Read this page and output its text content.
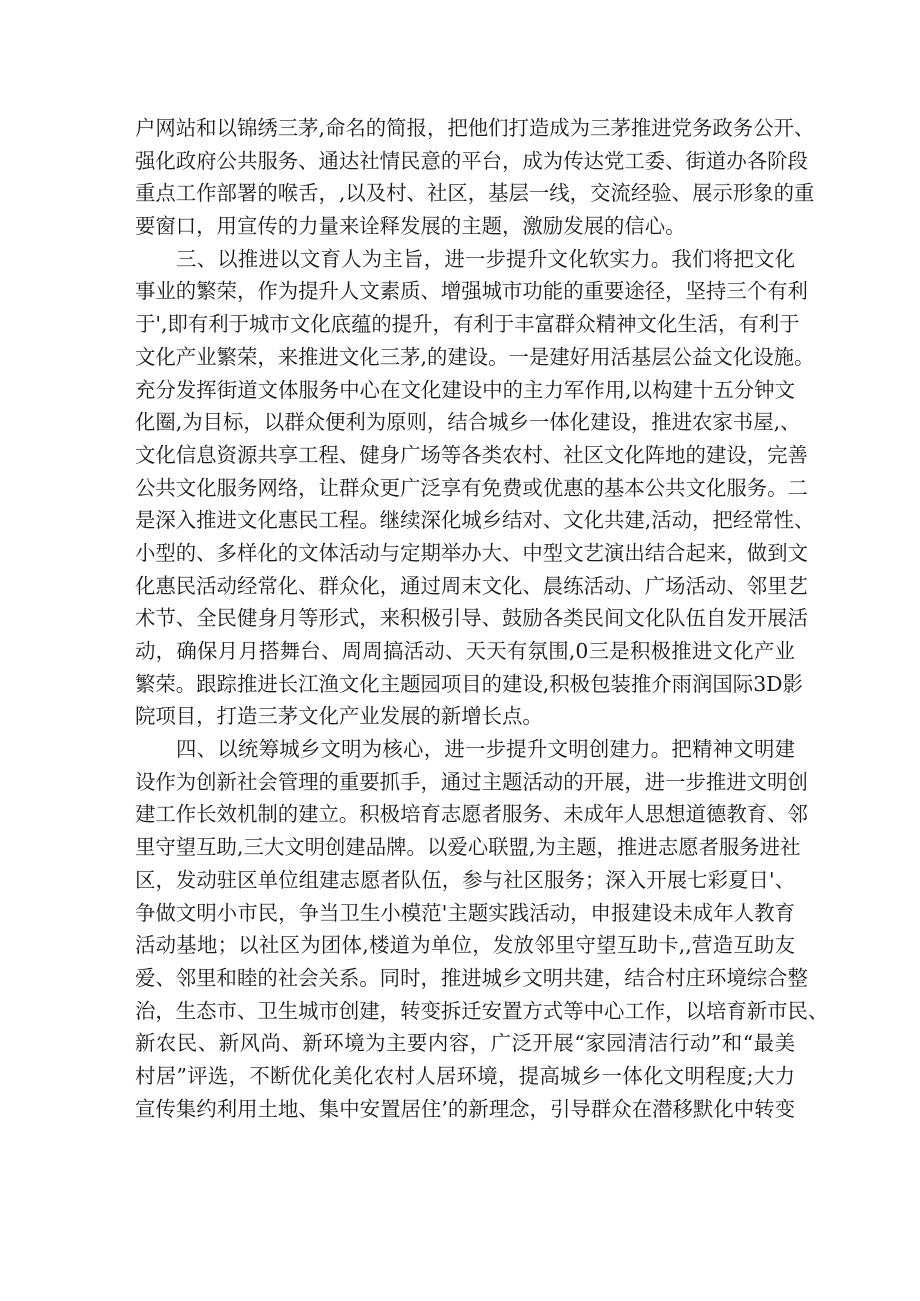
户网站和以锦绣三茅,命名的简报，把他们打造成为三茅推进党务政务公开、
强化政府公共服务、通达社情民意的平台，成为传达党工委、街道办各阶段
重点工作部署的喉舌，,以及村、社区，基层一线，交流经验、展示形象的重
要窗口，用宣传的力量来诠释发展的主题，激励发展的信心。
三、以推进以文育人为主旨，进一步提升文化软实力。我们将把文化
事业的繁荣，作为提升人文素质、增强城市功能的重要途径，坚持三个有利
于',即有利于城市文化底蕴的提升，有利于丰富群众精神文化生活，有利于
文化产业繁荣，来推进文化三茅,的建设。一是建好用活基层公益文化设施。
充分发挥街道文体服务中心在文化建设中的主力军作用,以构建十五分钟文
化圈,为目标，以群众便利为原则，结合城乡一体化建设，推进农家书屋,、
文化信息资源共享工程、健身广场等各类农村、社区文化阵地的建设，完善
公共文化服务网络，让群众更广泛享有免费或优惠的基本公共文化服务。二
是深入推进文化惠民工程。继续深化城乡结对、文化共建,活动，把经常性、
小型的、多样化的文体活动与定期举办大、中型文艺演出结合起来，做到文
化惠民活动经常化、群众化，通过周末文化、晨练活动、广场活动、邻里艺
术节、全民健身月等形式，来积极引导、鼓励各类民间文化队伍自发开展活
动，确保月月搭舞台、周周搞活动、天天有氛围,0三是积极推进文化产业
繁荣。跟踪推进长江渔文化主题园项目的建设,积极包装推介雨润国际3D影
院项目，打造三茅文化产业发展的新增长点。
四、以统筹城乡文明为核心，进一步提升文明创建力。把精神文明建
设作为创新社会管理的重要抓手，通过主题活动的开展，进一步推进文明创
建工作长效机制的建立。积极培育志愿者服务、未成年人思想道德教育、邻
里守望互助,三大文明创建品牌。以爱心联盟,为主题，推进志愿者服务进社
区，发动驻区单位组建志愿者队伍，参与社区服务；深入开展七彩夏日'、
争做文明小市民，争当卫生小模范'主题实践活动，申报建设未成年人教育
活动基地；以社区为团体,楼道为单位，发放邻里守望互助卡,,营造互助友
爱、邻里和睦的社会关系。同时，推进城乡文明共建，结合村庄环境综合整
治，生态市、卫生城市创建，转变拆迁安置方式等中心工作，以培育新市民、
新农民、新风尚、新环境为主要内容，广泛开展“家园清洁行动”和“最美
村居”评选，不断优化美化农村人居环境，提高城乡一体化文明程度;大力
宣传集约利用土地、集中安置居住’的新理念，引导群众在潜移默化中转变
